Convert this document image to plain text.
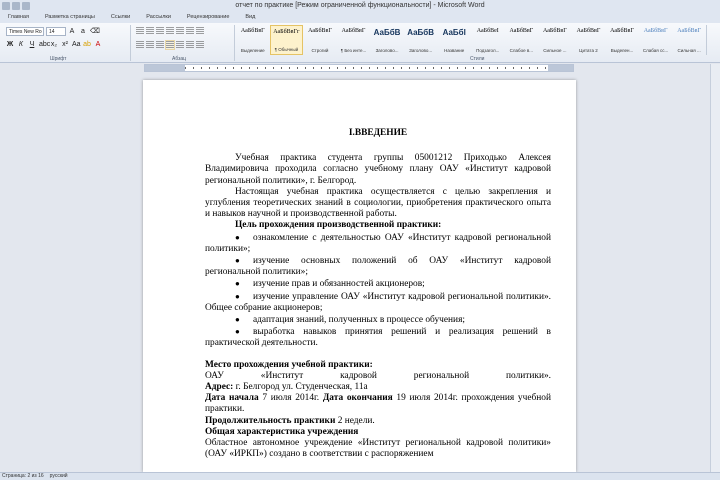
отчет по практике [Режим ограниченной функциональности] - Microsoft Word
Главная	Разметка страницы	Ссылки	Рассылки	Рецензирование	Вид
Times New Ro	14	A a ⌫
Ж К Ч abc x₂ x² Aa ab A
Шрифт	Абзац
АаБбВвГ
Выделение
АаБбВвГг
¶ Обычный
АаБбВвГ
Строгий
АаБбВвГ
¶ Без инте...
АаБбВ
Заголово...
АаБбВ
Заголово...
АаБбI
Название
АаБбВеІ
Подзагол...
АаБбВвГ
Слабое в...
АаБбВвГ
Сильное ...
АаБбВвГ
Цитата 2
АаБбВвГ
Выделен...
АаБбВвГ
Слабая сс...
АаБбВвГ
Сильная ...
Стили

I.ВВЕДЕНИЕ

Учебная практика студента группы 05001212 Приходько Алексея Владимировича проходила согласно учебному плану ОАУ «Институт кадровой региональной политики», г. Белгород.

Настоящая учебная практика осуществляется с целью закрепления и углубления теоретических знаний в социологии, приобретения практического опыта и навыков научной и производственной работы.

Цель прохождения производственной практики:

● ознакомление с деятельностью ОАУ «Институт кадровой региональной политики»;

● изучение основных положений об ОАУ «Институт кадровой региональной политики»;

● изучение прав и обязанностей акционеров;

● изучение управление ОАУ «Институт кадровой региональной политики». Общее собрание акционеров;

● адаптация знаний, полученных в процессе обучения;

● выработка навыков принятия решений и реализация решений в практической деятельности.

Место прохождения учебной практики:

ОАУ «Институт кадровой региональной политики».

Адрес: г. Белгород ул. Студенческая, 11а

Дата начала 7 июля 2014г. Дата окончания 19 июля 2014г. прохождения учебной практики.

Продолжительность практики 2 недели.

Общая характеристика учреждения

Областное автономное учреждение «Институт региональной кадровой политики» (ОАУ «ИРКП») создано в соответствии с распоряжением

Страница: 2 из 16 русский
